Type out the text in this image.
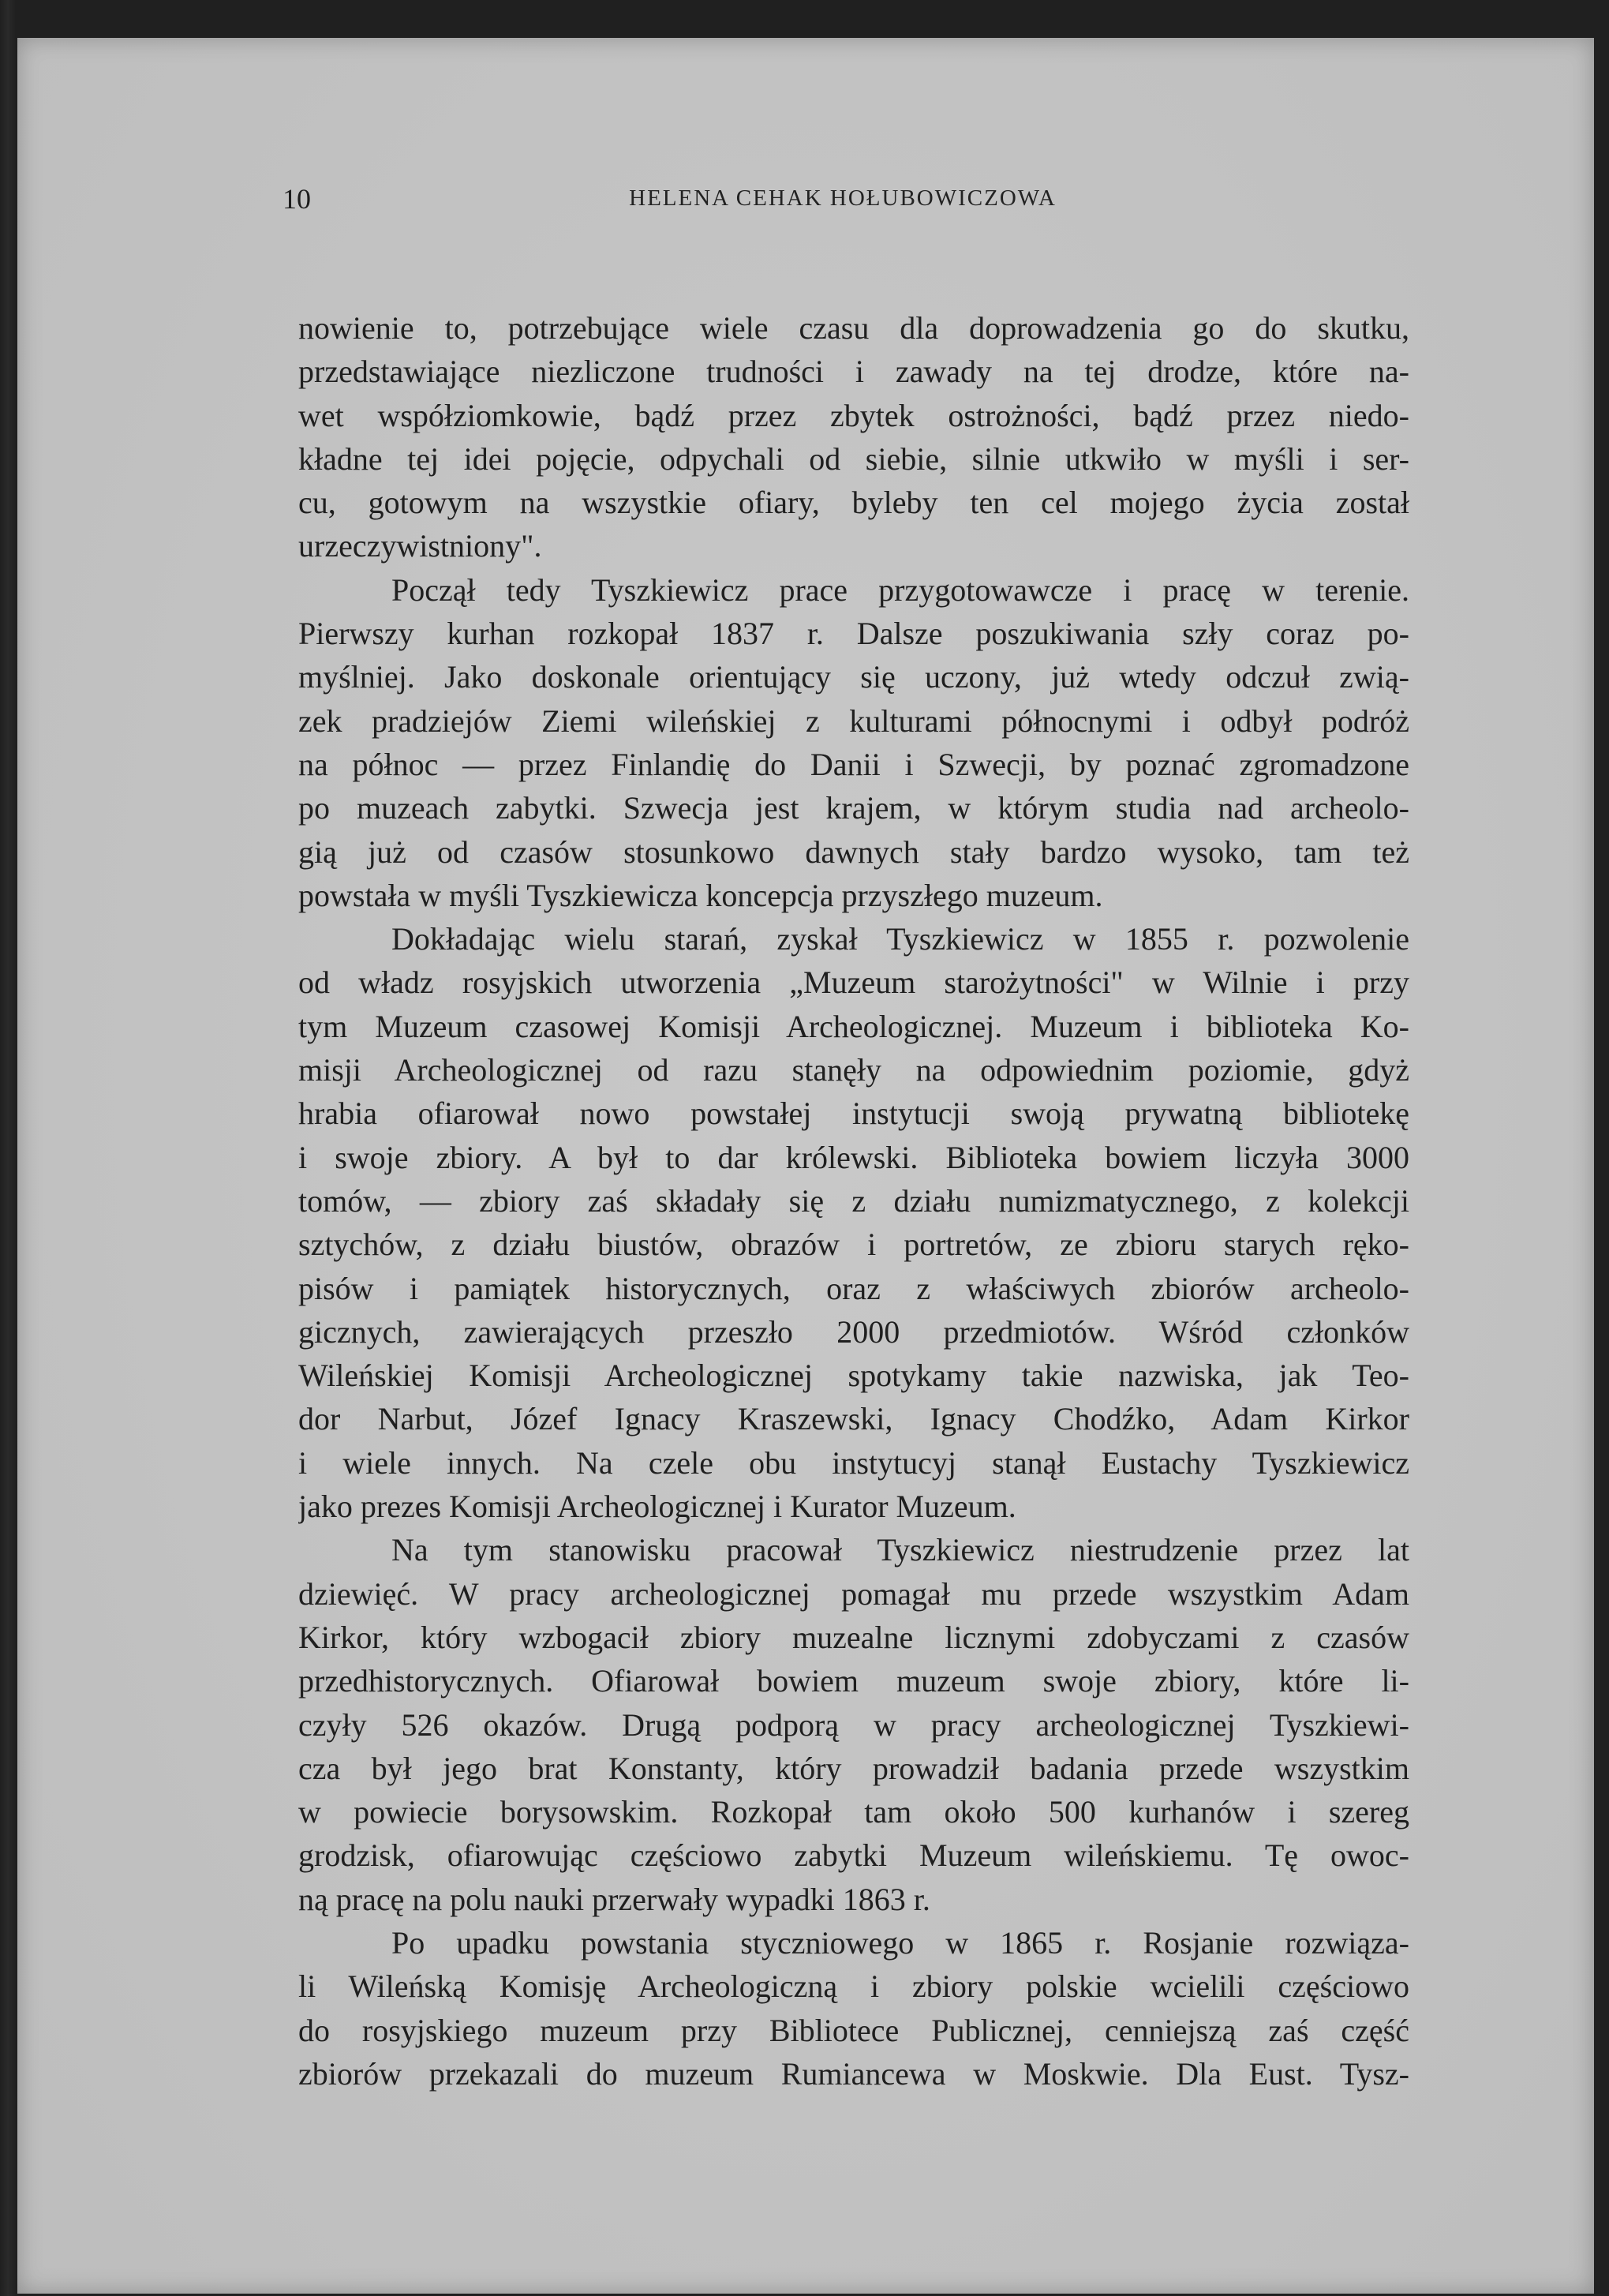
10	HELENA CEHAK HOŁUBOWICZOWA
nowienie to, potrzebujące wiele czasu dla doprowadzenia go do skutku,
przedstawiające niezliczone trudności i zawady na tej drodze, które na-
wet współziomkowie, bądź przez zbytek ostrożności, bądź przez niedo-
kładne tej idei pojęcie, odpychali od siebie, silnie utkwiło w myśli i ser-
cu, gotowym na wszystkie ofiary, byleby ten cel mojego życia został
urzeczywistniony".
Począł tedy Tyszkiewicz prace przygotowawcze i pracę w terenie.
Pierwszy kurhan rozkopał 1837 r. Dalsze poszukiwania szły coraz po-
myślniej. Jako doskonale orientujący się uczony, już wtedy odczuł zwią-
zek pradziejów Ziemi wileńskiej z kulturami północnymi i odbył podróż
na północ — przez Finlandię do Danii i Szwecji, by poznać zgromadzone
po muzeach zabytki. Szwecja jest krajem, w którym studia nad archeolo-
gią już od czasów stosunkowo dawnych stały bardzo wysoko, tam też
powstała w myśli Tyszkiewicza koncepcja przyszłego muzeum.
Dokładając wielu starań, zyskał Tyszkiewicz w 1855 r. pozwolenie
od władz rosyjskich utworzenia „Muzeum starożytności" w Wilnie i przy
tym Muzeum czasowej Komisji Archeologicznej. Muzeum i biblioteka Ko-
misji Archeologicznej od razu stanęły na odpowiednim poziomie, gdyż
hrabia ofiarował nowo powstałej instytucji swoją prywatną bibliotekę
i swoje zbiory. A był to dar królewski. Biblioteka bowiem liczyła 3000
tomów, — zbiory zaś składały się z działu numizmatycznego, z kolekcji
sztychów, z działu biustów, obrazów i portretów, ze zbioru starych ręko-
pisów i pamiątek historycznych, oraz z właściwych zbiorów archeolo-
gicznych, zawierających przeszło 2000 przedmiotów. Wśród członków
Wileńskiej Komisji Archeologicznej spotykamy takie nazwiska, jak Teo-
dor Narbut, Józef Ignacy Kraszewski, Ignacy Chodźko, Adam Kirkor
i wiele innych. Na czele obu instytucyj stanął Eustachy Tyszkiewicz
jako prezes Komisji Archeologicznej i Kurator Muzeum.
Na tym stanowisku pracował Tyszkiewicz niestrudzenie przez lat
dziewięć. W pracy archeologicznej pomagał mu przede wszystkim Adam
Kirkor, który wzbogacił zbiory muzealne licznymi zdobyczami z czasów
przedhistorycznych. Ofiarował bowiem muzeum swoje zbiory, które li-
czyły 526 okazów. Drugą podporą w pracy archeologicznej Tyszkiewi-
cza był jego brat Konstanty, który prowadził badania przede wszystkim
w powiecie borysowskim. Rozkopał tam około 500 kurhanów i szereg
grodzisk, ofiarowując częściowo zabytki Muzeum wileńskiemu. Tę owoc-
ną pracę na polu nauki przerwały wypadki 1863 r.
Po upadku powstania styczniowego w 1865 r. Rosjanie rozwiąza-
li Wileńską Komisję Archeologiczną i zbiory polskie wcielili częściowo
do rosyjskiego muzeum przy Bibliotece Publicznej, cenniejszą zaś część
zbiorów przekazali do muzeum Rumiancewa w Moskwie. Dla Eust. Tysz-
